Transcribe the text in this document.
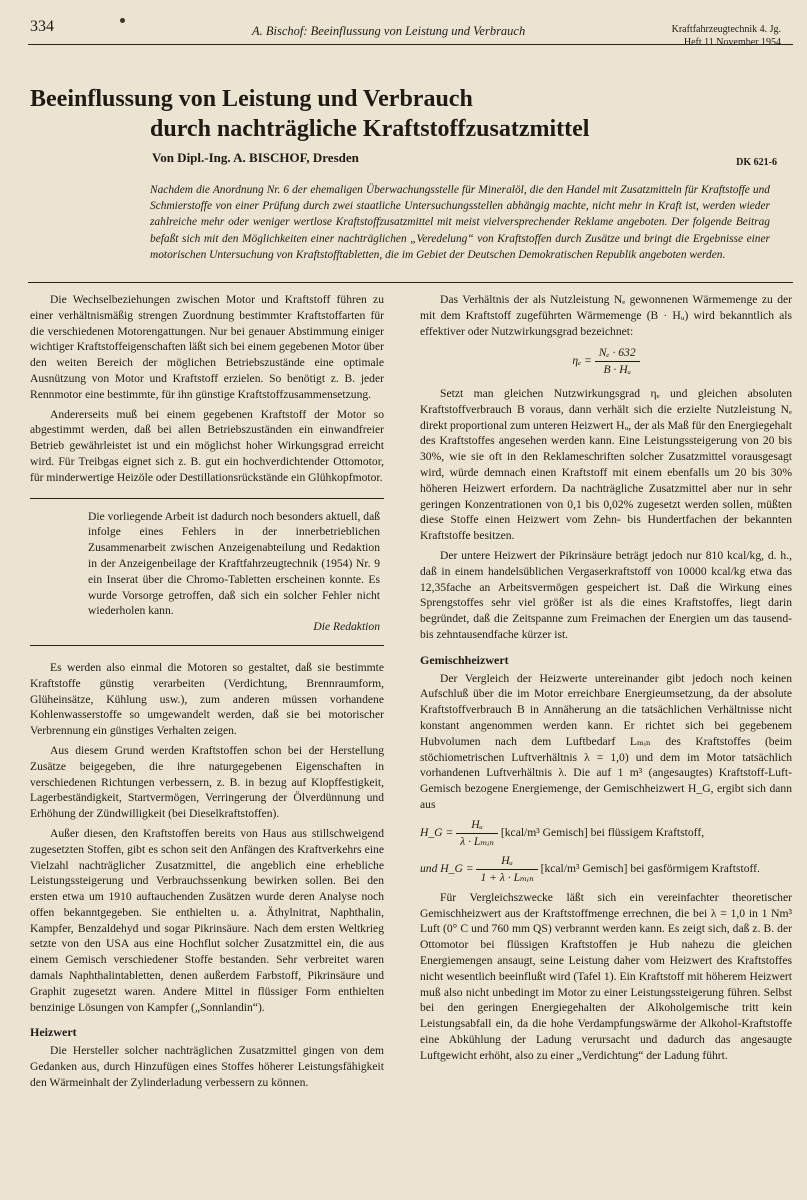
334	A. Bischof: Beeinflussung von Leistung und Verbrauch	Kraftfahrzeugtechnik 4. Jg.
Heft 11 November 1954
Beeinflussung von Leistung und Verbrauch
durch nachträgliche Kraftstoffzusatzmittel
Von Dipl.-Ing. A. BISCHOF, Dresden	DK 621-6
Nachdem die Anordnung Nr. 6 der ehemaligen Überwachungsstelle für Mineralöl, die den Handel mit Zusatzmitteln für Kraftstoffe und Schmierstoffe von einer Prüfung durch zwei staatliche Untersuchungsstellen abhängig machte, nicht mehr in Kraft ist, werden wieder zahlreiche mehr oder weniger wertlose Kraftstoffzusatzmittel mit meist vielversprechender Reklame angeboten. Der folgende Beitrag befaßt sich mit den Möglichkeiten einer nachträglichen „Veredelung“ von Kraftstoffen durch Zusätze und bringt die Ergebnisse einer motorischen Untersuchung von Kraftstofftabletten, die im Gebiet der Deutschen Demokratischen Republik angeboten werden.

Die Wechselbeziehungen zwischen Motor und Kraftstoff führen zu einer verhältnismäßig strengen Zuordnung bestimmter Kraftstoffarten für die verschiedenen Motorengattungen. Nur bei genauer Abstimmung einiger wichtiger Kraftstoffeigenschaften läßt sich bei einem gegebenen Motor über den weiten Bereich der möglichen Betriebszustände eine optimale Ausnützung von Motor und Kraftstoff erzielen. So benötigt z. B. jeder Rennmotor eine bestimmte, für ihn günstige Kraftstoffzusammensetzung.

Andererseits muß bei einem gegebenen Kraftstoff der Motor so abgestimmt werden, daß bei allen Betriebszuständen ein einwandfreier Betrieb gewährleistet ist und ein möglichst hoher Wirkungsgrad erreicht wird. Für Treibgas eignet sich z. B. gut ein hochverdichtender Ottomotor, für minderwertige Heizöle oder Destillationsrückstände ein Glühkopfmotor.

Die vorliegende Arbeit ist dadurch noch besonders aktuell, daß infolge eines Fehlers in der innerbetrieblichen Zusammenarbeit zwischen Anzeigenabteilung und Redaktion in der Anzeigenbeilage der Kraftfahrzeugtechnik (1954) Nr. 9 ein Inserat über die Chromo-Tabletten erscheinen konnte. Es wurde Vorsorge getroffen, daß sich ein solcher Fehler nicht wiederholen kann.

Die Redaktion

Es werden also einmal die Motoren so gestaltet, daß sie bestimmte Kraftstoffe günstig verarbeiten (Verdichtung, Brennraumform, Glüheinsätze, Kühlung usw.), zum anderen müssen vorhandene Kohlenwasserstoffe so umgewandelt werden, daß sie bei motorischer Verbrennung ein günstiges Verhalten zeigen.

Aus diesem Grund werden Kraftstoffen schon bei der Herstellung Zusätze beigegeben, die ihre naturgegebenen Eigenschaften in verschiedenen Richtungen verbessern, z. B. in bezug auf Klopffestigkeit, Lagerbeständigkeit, Startvermögen, Verringerung der Ölverdünnung und Erhöhung der Zündwilligkeit (bei Dieselkraftstoffen).

Außer diesen, den Kraftstoffen bereits von Haus aus stillschweigend zugesetzten Stoffen, gibt es schon seit den Anfängen des Kraftverkehrs eine Vielzahl nachträglicher Zusatzmittel, die angeblich eine erhebliche Leistungssteigerung und Verbrauchssenkung bewirken sollen. Bei den ersten etwa um 1910 auftauchenden Zusätzen wurde deren Analyse noch offen bekanntgegeben. Sie enthielten u. a. Äthylnitrat, Naphthalin, Kampfer, Benzaldehyd und sogar Pikrinsäure. Nach dem ersten Weltkrieg setzte von den USA aus eine Hochflut solcher Zusatzmittel ein, die aus einem Gemisch verschiedener Stoffe bestanden. Sehr verbreitet waren damals Naphthalintabletten, denen außerdem Farbstoff, Pikrinsäure und Graphit zugesetzt waren. Andere Mittel in flüssiger Form enthielten benzinige Lösungen von Kampfer („Sonnlandin“).

Heizwert

Die Hersteller solcher nachträglichen Zusatzmittel gingen von dem Gedanken aus, durch Hinzufügen eines Stoffes höherer Leistungsfähigkeit den Wärmeinhalt der Zylinderladung verbessern zu können.

Das Verhältnis der als Nutzleistung Nₑ gewonnenen Wärmemenge zu der mit dem Kraftstoff zugeführten Wärmemenge (B · Hᵤ) wird bekanntlich als effektiver oder Nutzwirkungsgrad bezeichnet:

$\eta_e = \frac{\text{Nₑ · 632}}{\text{B · Hᵤ}}$

Setzt man gleichen Nutzwirkungsgrad ηₑ und gleichen absoluten Kraftstoffverbrauch B voraus, dann verhält sich die erzielte Nutzleistung Nₑ direkt proportional zum unteren Heizwert Hᵤ, der als Maß für den Energiegehalt des Kraftstoffes angesehen werden kann. Eine Leistungssteigerung von 20 bis 30%, wie sie oft in den Reklameschriften solcher Zusatzmittel vorausgesagt wird, würde demnach einen Kraftstoff mit einem ebenfalls um 20 bis 30% höheren Heizwert erfordern. Da nachträgliche Zusatzmittel aber nur in sehr geringen Konzentrationen von 0,1 bis 0,02% zugesetzt werden sollen, müßten diese Stoffe einen Heizwert vom Zehn- bis Hundertfachen der bekannten Kraftstoffe besitzen.

Der untere Heizwert der Pikrinsäure beträgt jedoch nur 810 kcal/kg, d. h., daß in einem handelsüblichen Vergaserkraftstoff von 10000 kcal/kg etwa das 12,35fache an Arbeitsvermögen gespeichert ist. Daß die Wirkung eines Sprengstoffes sehr viel größer ist als die eines Kraftstoffes, liegt darin begründet, daß die Zeitspanne zum Freimachen der Energien um das tausend- bis zehntausendfache kürzer ist.

Gemischheizwert

Der Vergleich der Heizwerte untereinander gibt jedoch noch keinen Aufschluß über die im Motor erreichbare Energieumsetzung, da der absolute Kraftstoffverbrauch B in Annäherung an die tatsächlichen Verhältnisse nicht konstant angenommen werden kann. Er richtet sich bei gegebenem Hubvolumen nach dem Luftbedarf Lₘᵢₙ des Kraftstoffes (beim stöchiometrischen Luftverhältnis λ = 1,0) und dem im Motor tatsächlich vorhandenen Luftverhältnis λ. Die auf 1 m³ (angesaugtes) Kraftstoff-Luft-Gemisch bezogene Energiemenge, der Gemischheizwert H_G, ergibt sich dann aus

H_G = $\frac{\text{Hᵤ}}{\text{λ · Lₘᵢₙ}}$ [kcal/m³ Gemisch] bei flüssigem Kraftstoff,
und H_G = $\frac{\text{Hᵤ}}{\text{1 + λ · Lₘᵢₙ}}$ [kcal/m³ Gemisch] bei gasförmigem Kraftstoff.

Für Vergleichszwecke läßt sich ein vereinfachter theoretischer Gemischheizwert aus der Kraftstoffmenge errechnen, die bei λ = 1,0 in 1 Nm³ Luft (0° C und 760 mm QS) verbrannt werden kann. Es zeigt sich, daß z. B. der Ottomotor bei flüssigen Kraftstoffen je Hub nahezu die gleichen Energiemengen ansaugt, seine Leistung daher vom Heizwert des Kraftstoffes nicht wesentlich beeinflußt wird (Tafel 1). Ein Kraftstoff mit höherem Heizwert muß also nicht unbedingt im Motor zu einer Leistungssteigerung führen. Selbst bei den geringen Energiegehalten der Alkoholgemische tritt kein Leistungsabfall ein, da die hohe Verdampfungswärme der Alkohol-Kraftstoffe eine Abkühlung der Ladung verursacht und dadurch das angesaugte Luftgewicht erhöht, also zu einer „Verdichtung“ der Ladung führt.
